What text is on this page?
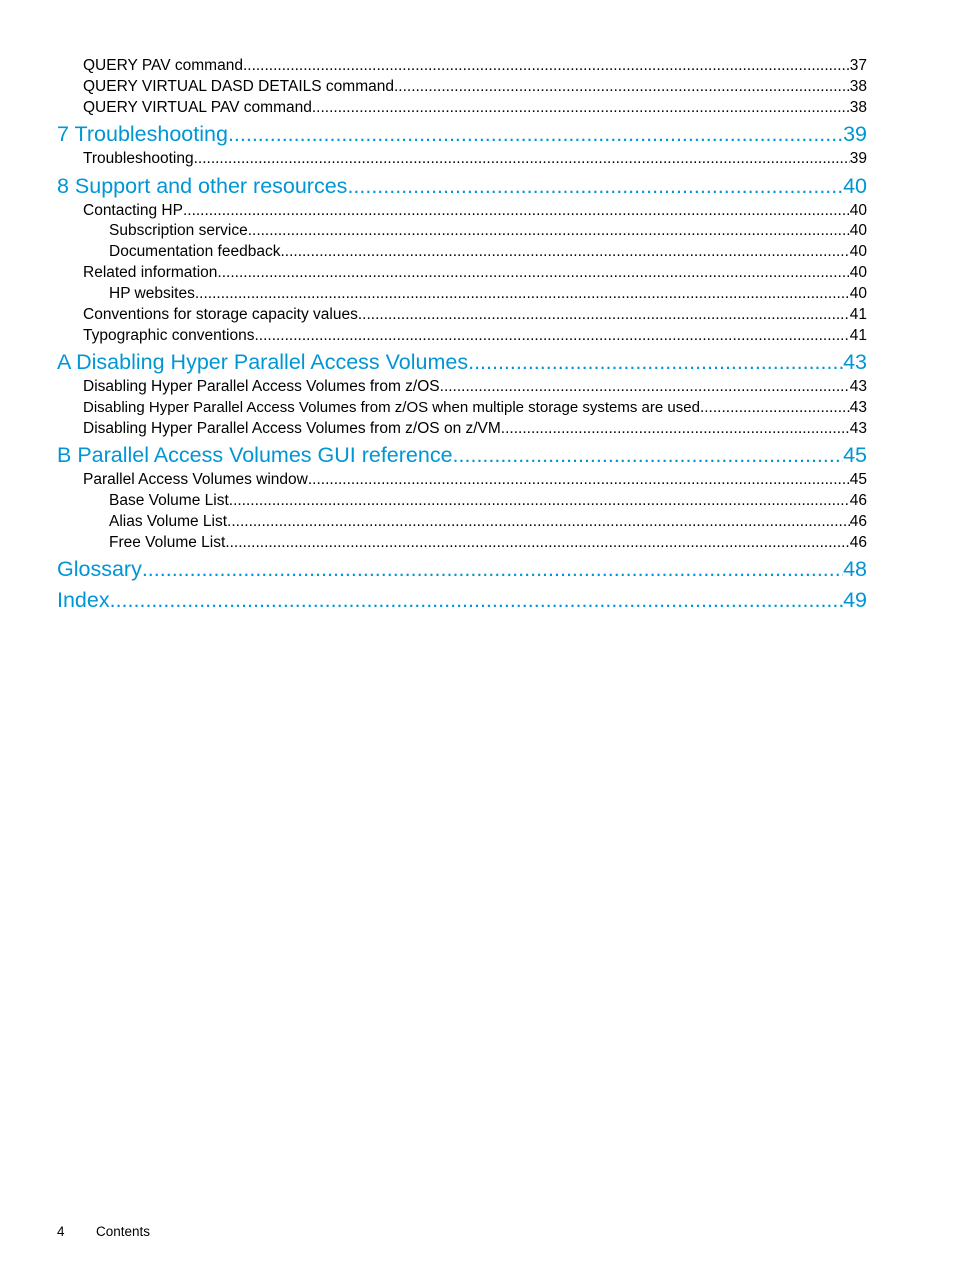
QUERY PAV command .....	37
QUERY VIRTUAL DASD DETAILS command .....	38
QUERY VIRTUAL PAV command .....	38
7 Troubleshooting .....	39
Troubleshooting .....	39
8 Support and other resources .....	40
Contacting HP .....	40
Subscription service .....	40
Documentation feedback .....	40
Related information .....	40
HP websites .....	40
Conventions for storage capacity values .....	41
Typographic conventions .....	41
A Disabling Hyper Parallel Access Volumes .....	43
Disabling Hyper Parallel Access Volumes from z/OS .....	43
Disabling Hyper Parallel Access Volumes from z/OS when multiple storage systems are used .....	43
Disabling Hyper Parallel Access Volumes from z/OS on z/VM .....	43
B Parallel Access Volumes GUI reference .....	45
Parallel Access Volumes window .....	45
Base Volume List .....	46
Alias Volume List .....	46
Free Volume List .....	46
Glossary .....	48
Index .....	49
4	Contents
